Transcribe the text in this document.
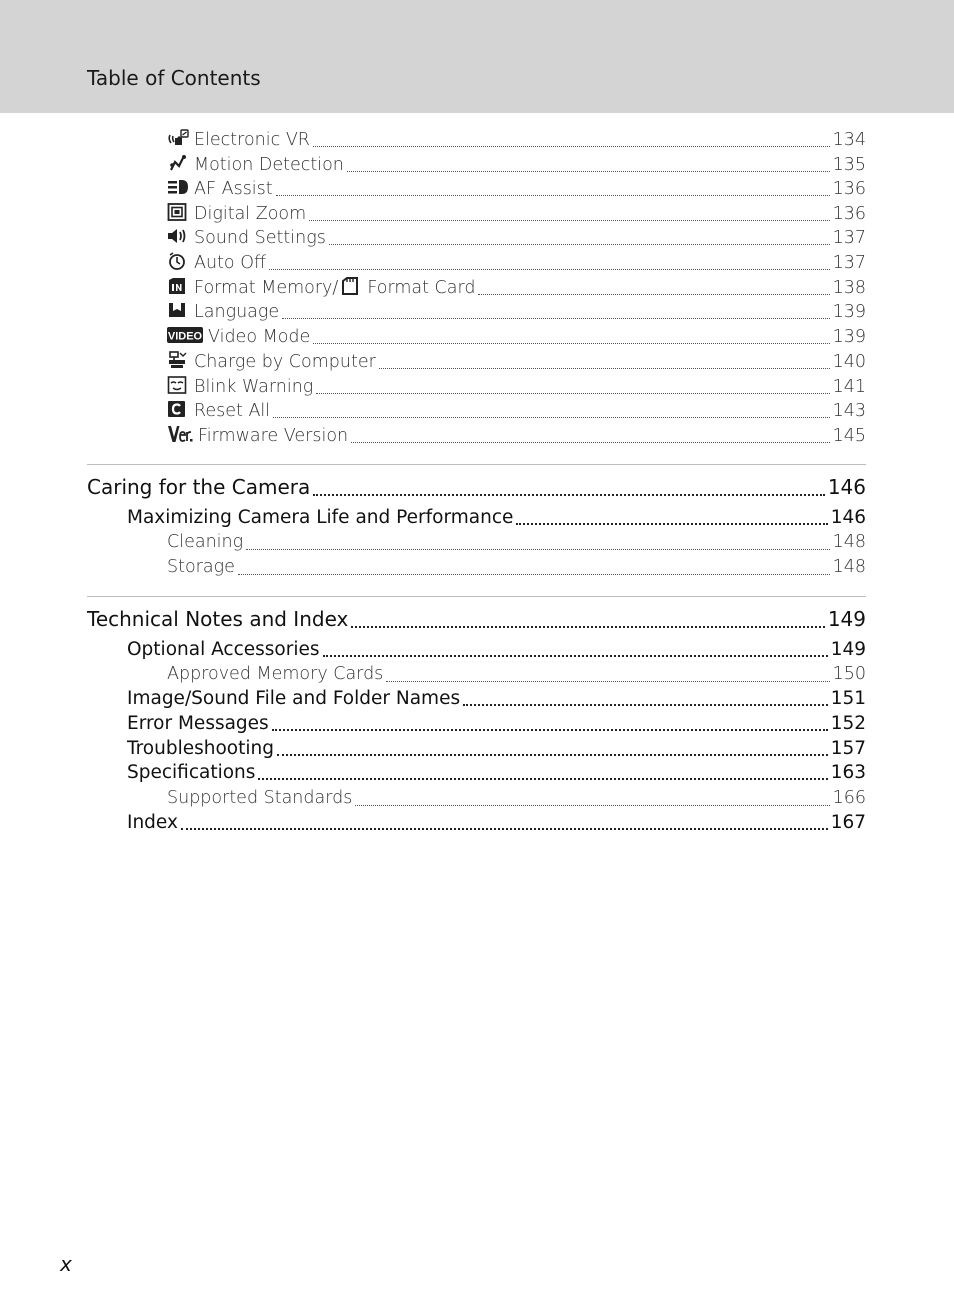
Table of Contents
Electronic VR	134
Motion Detection	135
AF Assist	136
Digital Zoom	136
Sound Settings	137
Auto Off	137
Format Memory/ Format Card	138
Language	139
VIDEO Video Mode	139
Charge by Computer	140
Blink Warning	141
Reset All	143
Firmware Version	145
Caring for the Camera	146
Maximizing Camera Life and Performance	146
Cleaning	148
Storage	148
Technical Notes and Index	149
Optional Accessories	149
Approved Memory Cards	150
Image/Sound File and Folder Names	151
Error Messages	152
Troubleshooting	157
Specifications	163
Supported Standards	166
Index	167
x
